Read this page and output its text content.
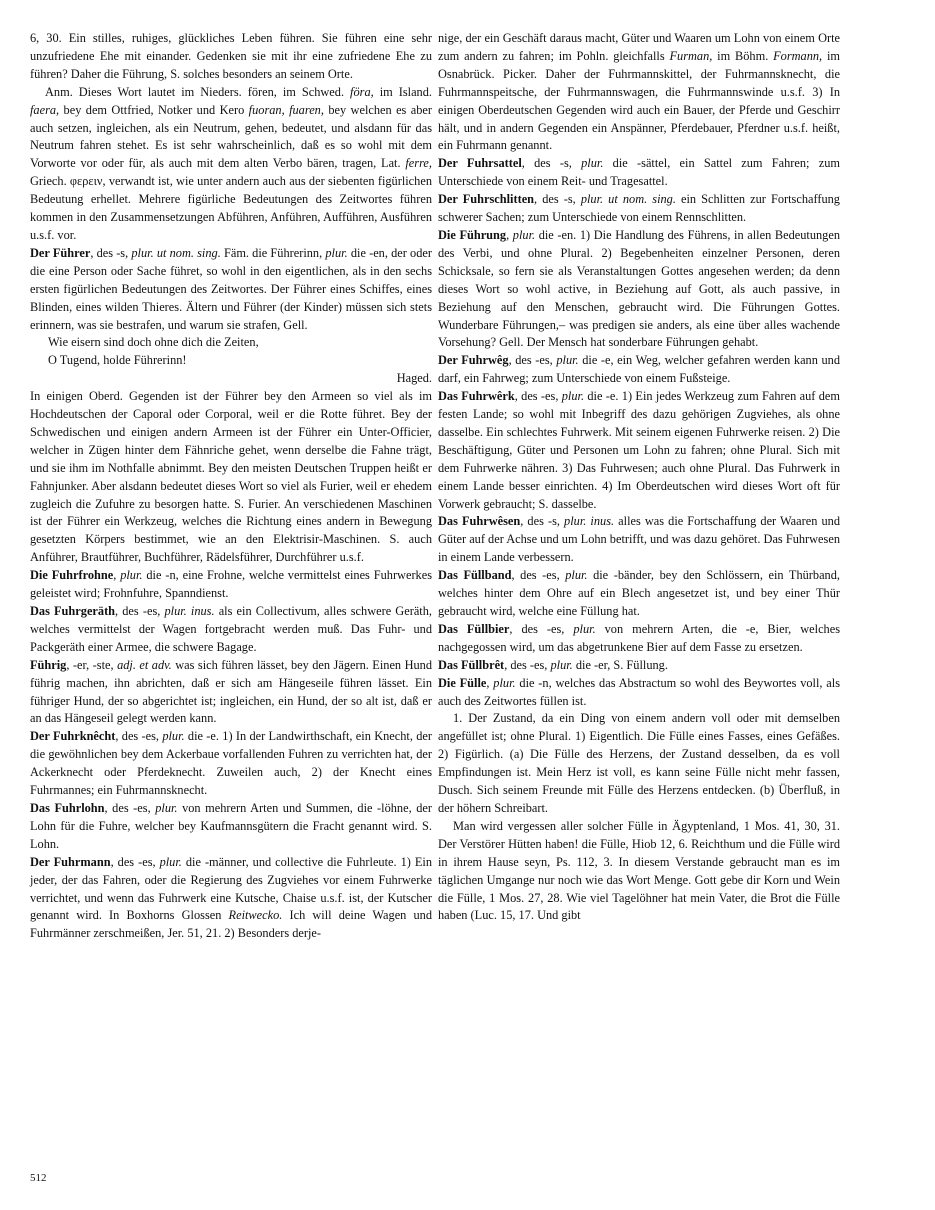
6, 30. Ein stilles, ruhiges, glückliches Leben führen. Sie führen eine sehr unzufriedene Ehe mit einander. Gedenken sie mit ihr eine zufriedene Ehe zu führen? Daher die Führung, S. solches besonders an seinem Orte.

Anm. Dieses Wort lautet im Nieders. fören, im Schwed. föra, im Island. faera, bey dem Ottfried, Notker und Kero fuoran, fuaren, bey welchen es aber auch setzen, ingleichen, als ein Neutrum, gehen, bedeutet, und alsdann für das Neutrum fahren stehet. Es ist sehr wahrscheinlich, daß es so wohl mit dem Vorworte vor oder für, als auch mit dem alten Verbo bären, tragen, Lat. ferre, Griech. φερειν, verwandt ist, wie unter andern auch aus der siebenten figürlichen Bedeutung erhellet. Mehrere figürliche Bedeutungen des Zeitwortes führen kommen in den Zusammensetzungen Abführen, Anführen, Aufführen, Ausführen u.s.f. vor.

Der Führer, des -s, plur. ut nom. sing. Fäm. die Führerinn, plur. die -en, der oder die eine Person oder Sache führet, so wohl in den eigentlichen, als in den sechs ersten figürlichen Bedeutungen des Zeitwortes. Der Führer eines Schiffes, eines Blinden, eines wilden Thieres. Ältern und Führer (der Kinder) müssen sich stets erinnern, was sie bestrafen, und warum sie strafen, Gell.

Wie eisern sind doch ohne dich die Zeiten,

O Tugend, holde Führerinn!

Haged.

In einigen Oberd. Gegenden ist der Führer bey den Armeen so viel als im Hochdeutschen der Caporal oder Corporal, weil er die Rotte führet. Bey der Schwedischen und einigen andern Armeen ist der Führer ein Unter-Officier, welcher in Zügen hinter dem Fähnriche gehet, wenn derselbe die Fahne trägt, und sie ihm im Nothfalle abnimmt. Bey den meisten Deutschen Truppen heißt er Fahnjunker. Aber alsdann bedeutet dieses Wort so viel als Furier, weil er ehedem zugleich die Zufuhre zu besorgen hatte. S. Furier. An verschiedenen Maschinen ist der Führer ein Werkzeug, welches die Richtung eines andern in Bewegung gesetzten Körpers bestimmet, wie an den Elektrisir-Maschinen. S. auch Anführer, Brautführer, Buchführer, Rädelsführer, Durchführer u.s.f.

Die Fuhrfrohne, plur. die -n, eine Frohne, welche vermittelst eines Fuhrwerkes geleistet wird; Frohnfuhre, Spanndienst.

Das Fuhrgeräth, des -es, plur. inus. als ein Collectivum, alles schwere Geräth, welches vermittelst der Wagen fortgebracht werden muß. Das Fuhr- und Packgeräth einer Armee, die schwere Bagage.

Führig, -er, -ste, adj. et adv. was sich führen lässet, bey den Jägern. Einen Hund führig machen, ihn abrichten, daß er sich am Hängeseile führen lässet. Ein führiger Hund, der so abgerichtet ist; ingleichen, ein Hund, der so alt ist, daß er an das Hängeseil gelegt werden kann.

Der Fuhrknêcht, des -es, plur. die -e. 1) In der Landwirthschaft, ein Knecht, der die gewöhnlichen bey dem Ackerbaue vorfallenden Fuhren zu verrichten hat, der Ackerknecht oder Pferdeknecht. Zuweilen auch, 2) der Knecht eines Fuhrmannes; ein Fuhrmannsknecht.

Das Fuhrlohn, des -es, plur. von mehrern Arten und Summen, die -löhne, der Lohn für die Fuhre, welcher bey Kaufmannsgütern die Fracht genannt wird. S. Lohn.

Der Fuhrmann, des -es, plur. die -männer, und collective die Fuhrleute. 1) Ein jeder, der das Fahren, oder die Regierung des Zugviehes vor einem Fuhrwerke verrichtet, und wenn das Fuhrwerk eine Kutsche, Chaise u.s.f. ist, der Kutscher genannt wird. In Boxhorns Glossen Reitwecko. Ich will deine Wagen und Fuhrmänner zerschmeißen, Jer. 51, 21. 2) Besonders derje-

nige, der ein Geschäft daraus macht, Güter und Waaren um Lohn von einem Orte zum andern zu fahren; im Pohln. gleichfalls Furman, im Böhm. Formann, im Osnabrück. Picker. Daher der Fuhrmannskittel, der Fuhrmannsknecht, die Fuhrmannspeitsche, der Fuhrmannswagen, die Fuhrmannswinde u.s.f. 3) In einigen Oberdeutschen Gegenden wird auch ein Bauer, der Pferde und Geschirr hält, und in andern Gegenden ein Anspänner, Pferdebauer, Pferdner u.s.f. heißt, ein Fuhrmann genannt.

Der Fuhrsattel, des -s, plur. die -sättel, ein Sattel zum Fahren; zum Unterschiede von einem Reit- und Tragesattel.

Der Fuhrschlitten, des -s, plur. ut nom. sing. ein Schlitten zur Fortschaffung schwerer Sachen; zum Unterschiede von einem Rennschlitten.

Die Führung, plur. die -en. 1) Die Handlung des Führens, in allen Bedeutungen des Verbi, und ohne Plural. 2) Begebenheiten einzelner Personen, deren Schicksale, so fern sie als Veranstaltungen Gottes angesehen werden; da denn dieses Wort so wohl active, in Beziehung auf Gott, als auch passive, in Beziehung auf den Menschen, gebraucht wird. Die Führungen Gottes. Wunderbare Führungen,– was predigen sie anders, als eine über alles wachende Vorsehung? Gell. Der Mensch hat sonderbare Führungen gehabt.

Der Fuhrwêg, des -es, plur. die -e, ein Weg, welcher gefahren werden kann und darf, ein Fahrweg; zum Unterschiede von einem Fußsteige.

Das Fuhrwêrk, des -es, plur. die -e. 1) Ein jedes Werkzeug zum Fahren auf dem festen Lande; so wohl mit Inbegriff des dazu gehörigen Zugviehes, als ohne dasselbe. Ein schlechtes Fuhrwerk. Mit seinem eigenen Fuhrwerke reisen. 2) Die Beschäftigung, Güter und Personen um Lohn zu fahren; ohne Plural. Sich mit dem Fuhrwerke nähren. 3) Das Fuhrwesen; auch ohne Plural. Das Fuhrwerk in einem Lande besser einrichten. 4) Im Oberdeutschen wird dieses Wort oft für Vorwerk gebraucht; S. dasselbe.

Das Fuhrwêsen, des -s, plur. inus. alles was die Fortschaffung der Waaren und Güter auf der Achse und um Lohn betrifft, und was dazu gehöret. Das Fuhrwesen in einem Lande verbessern.

Das Füllband, des -es, plur. die -bänder, bey den Schlössern, ein Thürband, welches hinter dem Ohre auf ein Blech angesetzet ist, und bey einer Thür gebraucht wird, welche eine Füllung hat.

Das Füllbier, des -es, plur. von mehrern Arten, die -e, Bier, welches nachgegossen wird, um das abgetrunkene Bier auf dem Fasse zu ersetzen.

Das Füllbrêt, des -es, plur. die -er, S. Füllung.

Die Fülle, plur. die -n, welches das Abstractum so wohl des Beywortes voll, als auch des Zeitwortes füllen ist.

1. Der Zustand, da ein Ding von einem andern voll oder mit demselben angefüllet ist; ohne Plural. 1) Eigentlich. Die Fülle eines Fasses, eines Gefäßes. 2) Figürlich. (a) Die Fülle des Herzens, der Zustand desselben, da es voll Empfindungen ist. Mein Herz ist voll, es kann seine Fülle nicht mehr fassen, Dusch. Sich seinem Freunde mit Fülle des Herzens entdecken. (b) Überfluß, in der höhern Schreibart.

Man wird vergessen aller solcher Fülle in Ägyptenland, 1 Mos. 41, 30, 31. Der Verstörer Hütten haben! die Fülle, Hiob 12, 6. Reichthum und die Fülle wird in ihrem Hause seyn, Ps. 112, 3. In diesem Verstande gebraucht man es im täglichen Umgange nur noch wie das Wort Menge. Gott gebe dir Korn und Wein die Fülle, 1 Mos. 27, 28. Wie viel Tagelöhner hat mein Vater, die Brot die Fülle haben (Luc. 15, 17. Und gibt

512
